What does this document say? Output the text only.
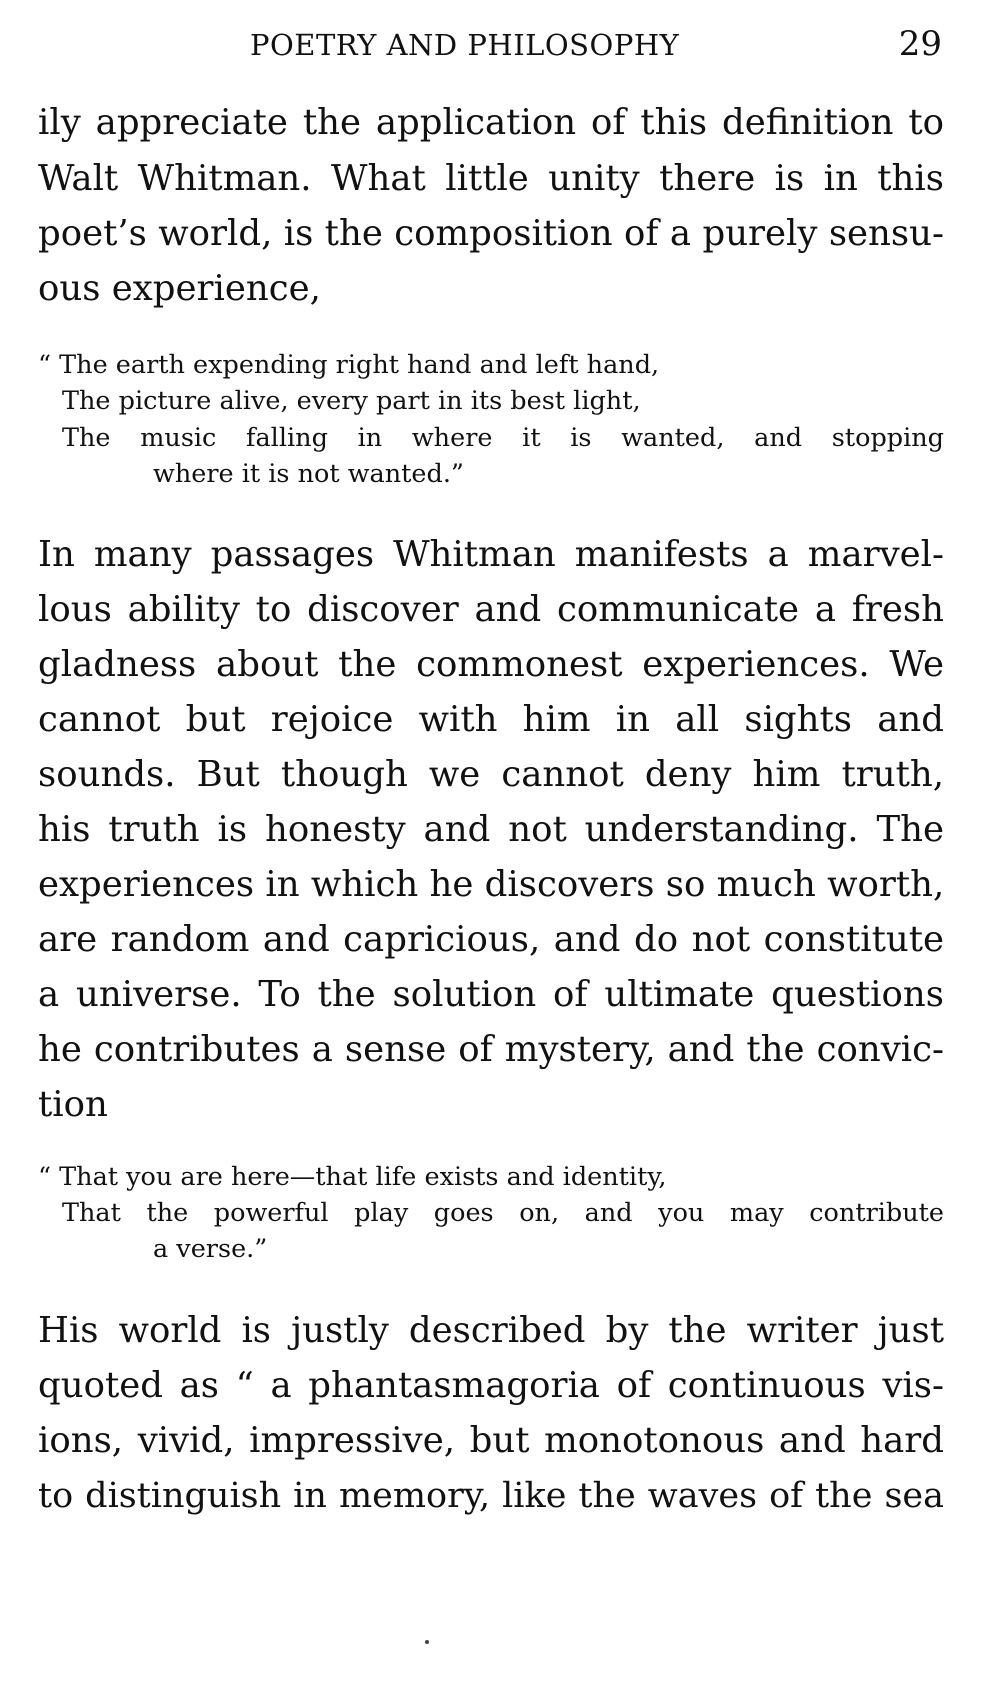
POETRY AND PHILOSOPHY	29
ily appreciate the application of this definition to
Walt Whitman. What little unity there is in this
poet’s world, is the composition of a purely sensu-
ous experience,
“ The earth expending right hand and left hand,
The picture alive, every part in its best light,
The music falling in where it is wanted, and stopping
where it is not wanted.”
In many passages Whitman manifests a marvel-
lous ability to discover and communicate a fresh
gladness about the commonest experiences. We
cannot but rejoice with him in all sights and
sounds. But though we cannot deny him truth,
his truth is honesty and not understanding. The
experiences in which he discovers so much worth,
are random and capricious, and do not constitute
a universe. To the solution of ultimate questions
he contributes a sense of mystery, and the convic-
tion
“ That you are here—that life exists and identity,
That the powerful play goes on, and you may contribute
a verse.”
His world is justly described by the writer just
quoted as “ a phantasmagoria of continuous vis-
ions, vivid, impressive, but monotonous and hard
to distinguish in memory, like the waves of the sea
